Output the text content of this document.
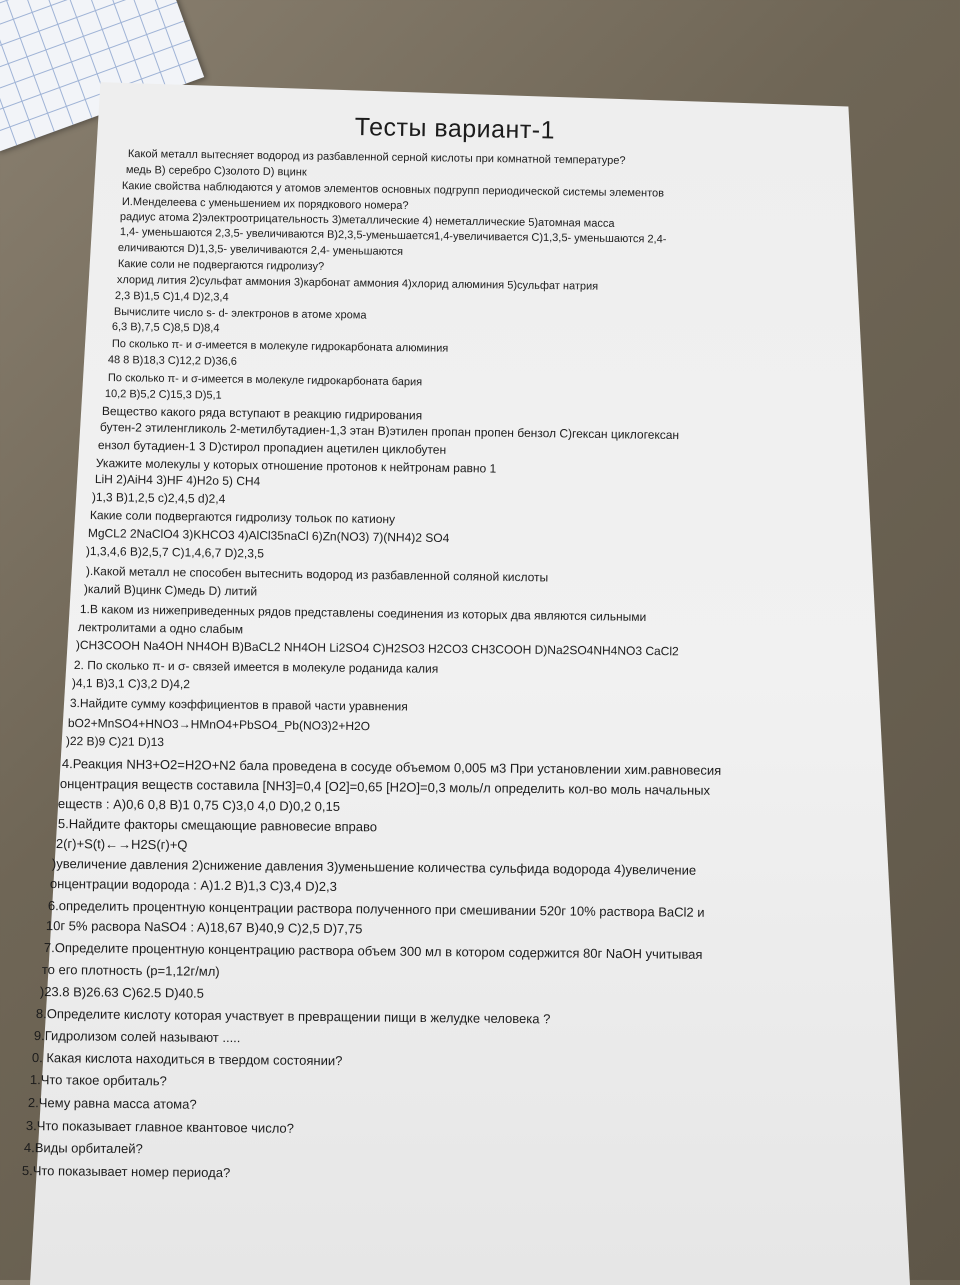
Тесты вариант-1
Какой металл вытесняет водород из разбавленной серной кислоты при комнатной температуре?
медь B) серебро C)золото D) вцинк
Какие свойства наблюдаются у атомов элементов основных подгрупп периодической системы элементов
И.Менделеева с уменьшением их порядкового номера?
радиус атома 2)электроотрицательность 3)металлические 4) неметаллические 5)атомная масса
1,4- уменьшаются 2,3,5- увеличиваются B)2,3,5-уменьшается1,4-увеличивается C)1,3,5- уменьшаются 2,4-
еличиваются D)1,3,5- увеличиваются 2,4- уменьшаются
Какие соли не подвергаются гидролизу?
хлорид лития 2)сульфат аммония 3)карбонат аммония 4)хлорид алюминия 5)сульфат натрия
2,3 B)1,5 C)1,4 D)2,3,4
Вычислите число s- d- электронов в атоме хрома
6,3 B),7,5 C)8,5 D)8,4
По сколько π- и σ-имеется в молекуле гидрокарбоната алюминия
48 8 B)18,3 C)12,2 D)36,6
По сколько π- и σ-имеется в молекуле гидрокарбоната бария
10,2 B)5,2 C)15,3 D)5,1
Вещество какого ряда вступают в реакцию гидрирования
бутен-2 этиленгликоль 2-метилбутадиен-1,3 этан B)этилен пропан пропен бензол C)гексан циклогексан
ензол бутадиен-1 3 D)стирол пропадиен ацетилен циклобутен
Укажите молекулы у которых отношение протонов к нейтронам равно 1
LiH 2)AiH4 3)HF 4)H2o 5) CH4
)1,3 B)1,2,5 c)2,4,5 d)2,4
Какие соли подвергаются гидролизу тольок по катиону
MgCL2 2NaClO4 3)KHCO3 4)AlCl35naCl 6)Zn(NO3) 7)(NH4)2 SO4
)1,3,4,6 B)2,5,7 C)1,4,6,7 D)2,3,5
).Какой металл не способен вытеснить водород из разбавленной соляной кислоты
)калий B)цинк C)медь D) литий
1.В каком из нижеприведенных рядов представлены соединения из которых два являются сильными
лектролитами а одно слабым
)CH3COOH Na4OH NH4OH B)BaCL2 NH4OH Li2SO4 C)H2SO3 H2CO3 CH3COOH D)Na2SO4NH4NO3 CaCl2
2. По сколько π- и σ- связей имеется в молекуле роданида калия
)4,1 B)3,1 C)3,2 D)4,2
3.Найдите сумму коэффициентов в правой части уравнения
bO2+MnSO4+HNO3→HMnO4+PbSO4_Pb(NO3)2+H2O
)22 B)9 C)21 D)13
4.Реакция NH3+O2=H2O+N2 бала проведена в сосуде объемом 0,005 м3 При установлении хим.равновесия
онцентрация веществ составила [NH3]=0,4 [O2]=0,65 [H2O]=0,3 моль/л определить кол-во моль начальных
еществ : A)0,6 0,8 B)1 0,75 C)3,0 4,0 D)0,2 0,15
5.Найдите факторы смещающие равновесие вправо
2(г)+S(t)←→H2S(г)+Q
)увеличение давления 2)снижение давления 3)уменьшение количества сульфида водорода 4)увеличение
онцентрации водорода : A)1.2 B)1,3 C)3,4 D)2,3
6.определить процентную концентрации раствора полученного при смешивании 520г 10% раствора BaCl2 и
10г 5% расвора NaSO4 : A)18,67 B)40,9 C)2,5 D)7,75
7.Определите процентную концентрацию раствора объем 300 мл в котором содержится 80г NaOH учитывая
то его плотность (p=1,12г/мл)
)23.8 B)26.63 C)62.5 D)40.5
8.Определите кислоту которая участвует в превращении пищи в желудке человека ?
9.Гидролизом солей называют .....
0. Какая кислота находиться в твердом состоянии?
1.Что такое орбиталь?
2.Чему равна масса атома?
3.Что показывает главное квантовое число?
4.Виды орбиталей?
5.Что показывает номер периода?
